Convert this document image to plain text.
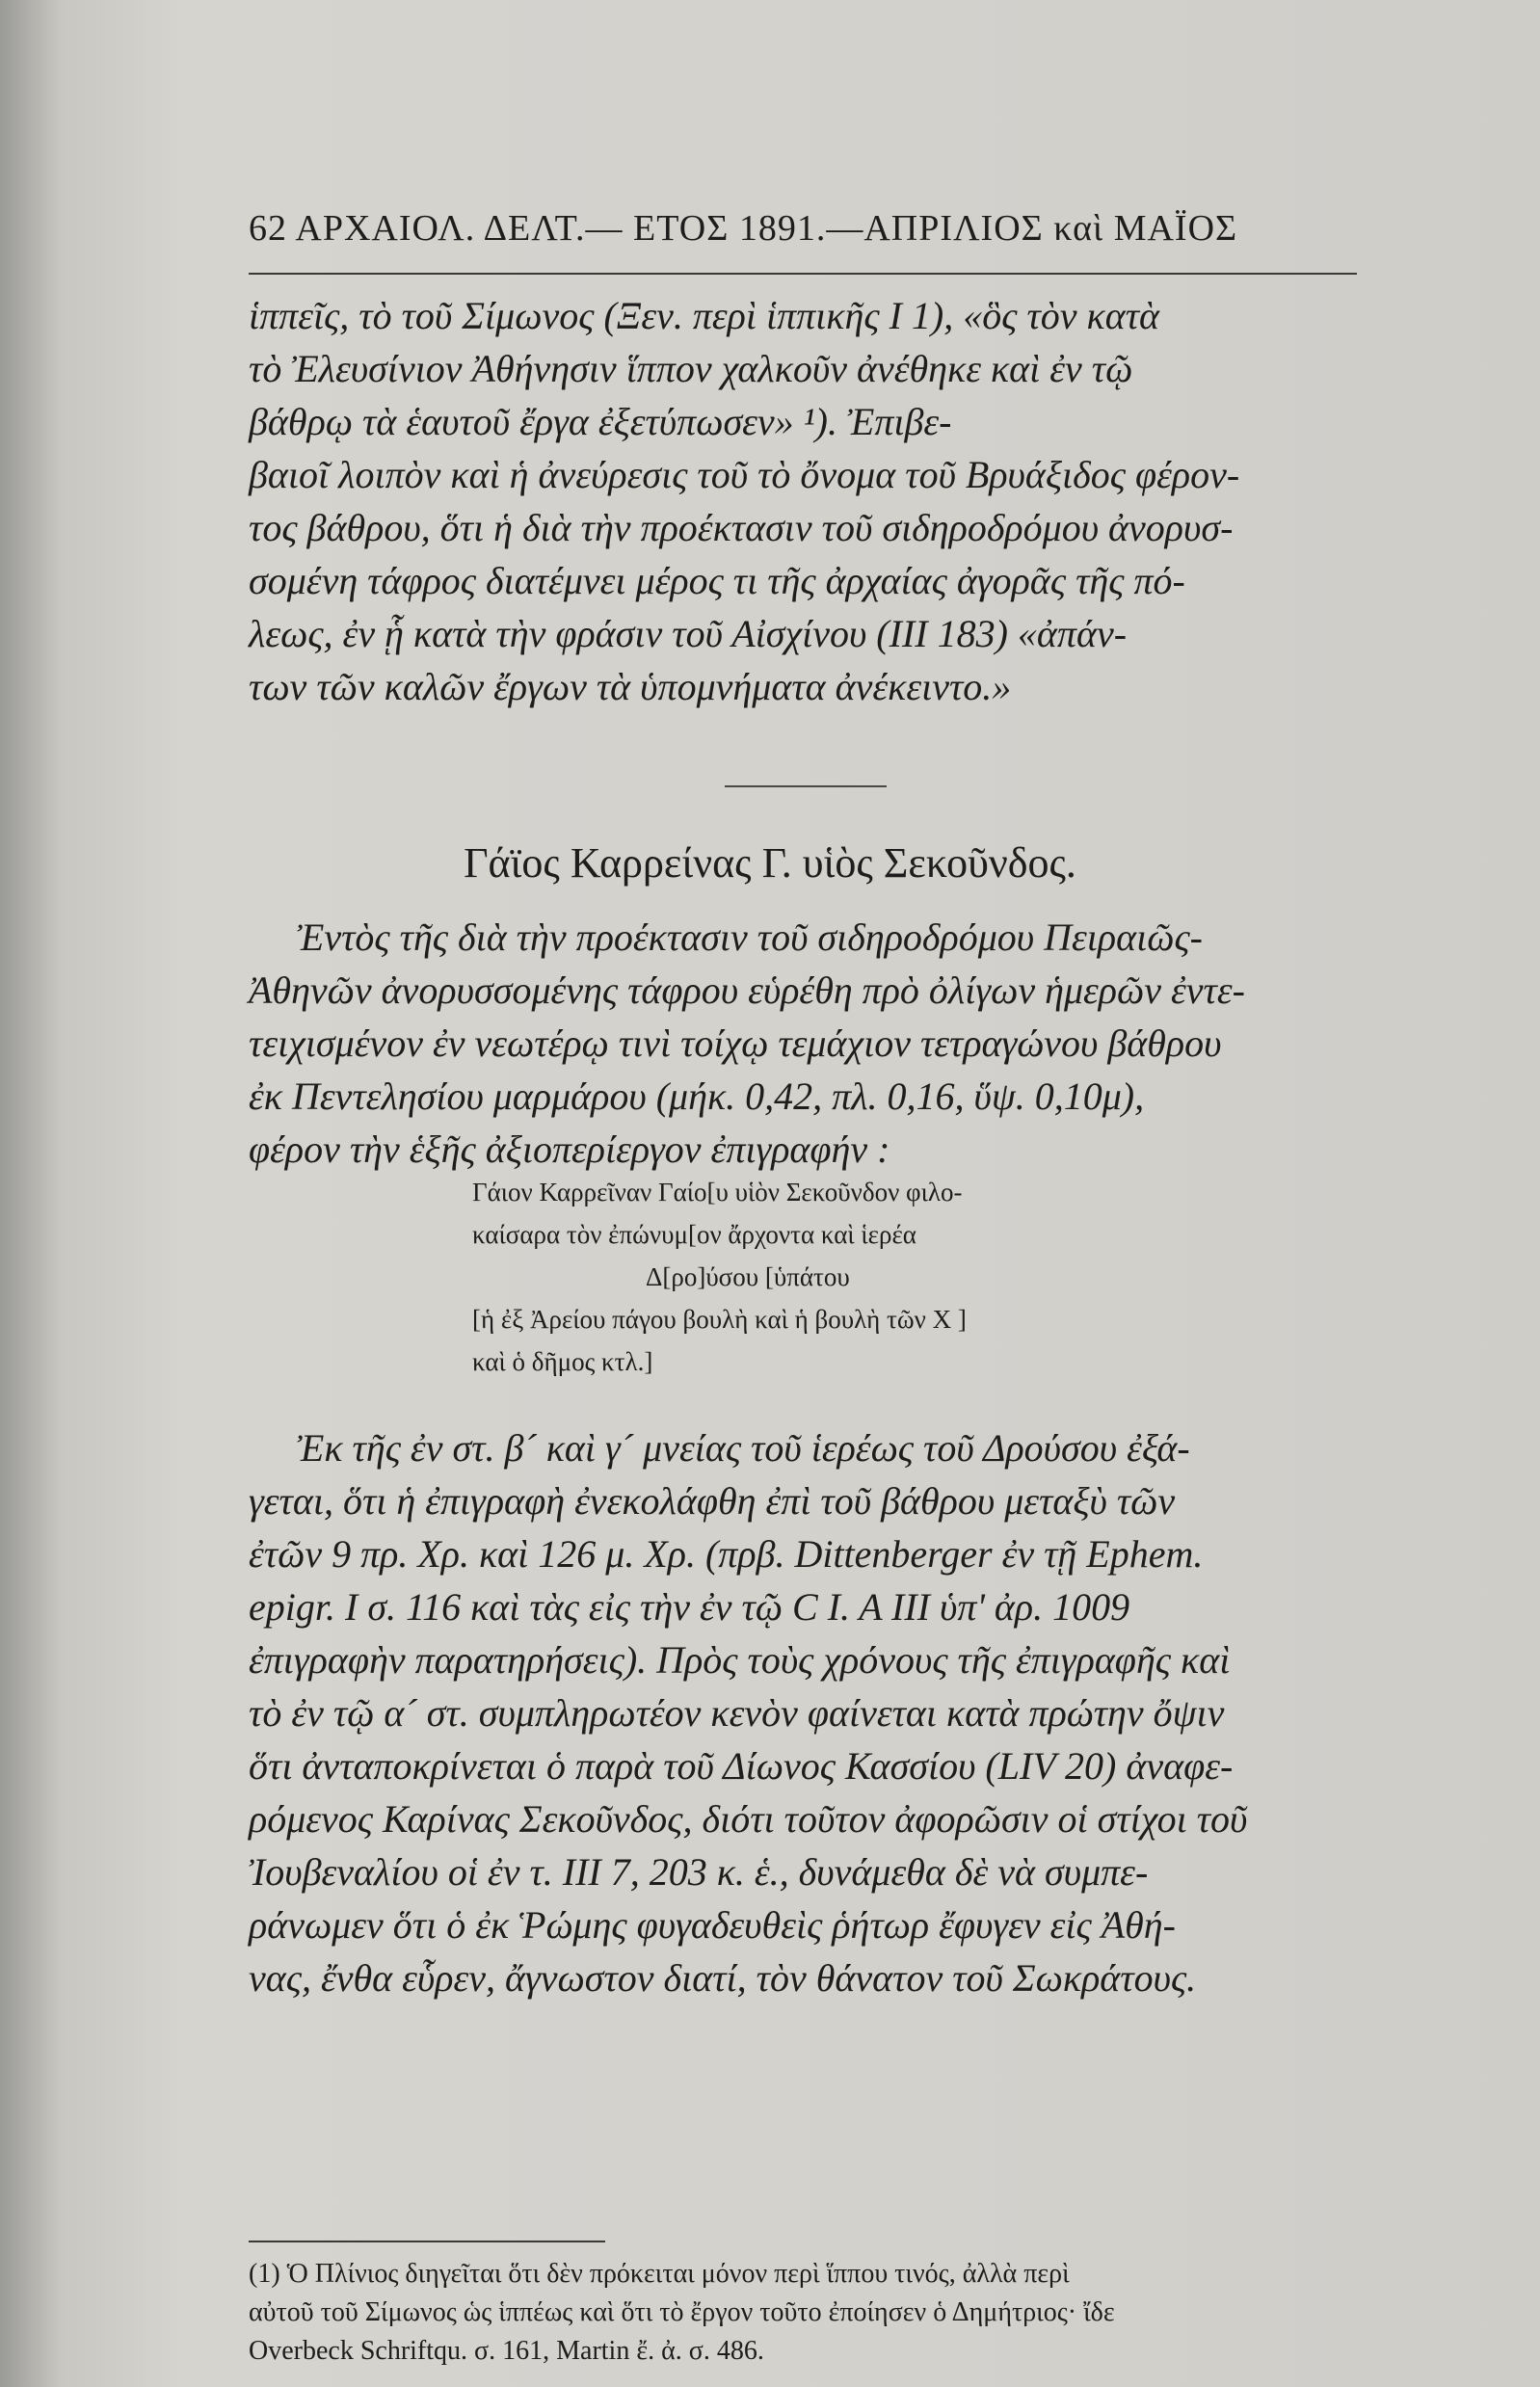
62 ΑΡΧΑΙΟΛ. ΔΕΛΤ.— ΕΤΟΣ 1891.—ΑΠΡΙΛΙΟΣ καὶ ΜΑΪΟΣ
ἱππεῖς, τὸ τοῦ Σίμωνος (Ξεν. περὶ ἱππικῆς I 1), «ὃς τὸν κατὰ
τὸ Ἐλευσίνιον Ἀθήνησιν ἵππον χαλκοῦν ἀνέθηκε καὶ ἐν τῷ
βάθρῳ τὰ ἑαυτοῦ ἔργα ἐξετύπωσεν» ¹). Ἐπιβε-
βαιοῖ λοιπὸν καὶ ἡ ἀνεύρεσις τοῦ τὸ ὄνομα τοῦ Βρυάξιδος φέρον-
τος βάθρου, ὅτι ἡ διὰ τὴν προέκτασιν τοῦ σιδηροδρόμου ἀνορυσ-
σομένη τάφρος διατέμνει μέρος τι τῆς ἀρχαίας ἀγορᾶς τῆς πό-
λεως, ἐν ᾗ κατὰ τὴν φράσιν τοῦ Αἰσχίνου (III 183) «ἀπάν-
των τῶν καλῶν ἔργων τὰ ὑπομνήματα ἀνέκειντο.»
Γάϊος Καρρείνας Γ. υἱὸς Σεκοῦνδος.
Ἐντὸς τῆς διὰ τὴν προέκτασιν τοῦ σιδηροδρόμου Πειραιῶς-
Ἀθηνῶν ἀνορυσσομένης τάφρου εὑρέθη πρὸ ὀλίγων ἡμερῶν ἐντε-
τειχισμένον ἐν νεωτέρῳ τινὶ τοίχῳ τεμάχιον τετραγώνου βάθρου
ἐκ Πεντελησίου μαρμάρου (μήκ. 0,42, πλ. 0,16, ὕψ. 0,10μ),
φέρον τὴν ἑξῆς ἀξιοπερίεργον ἐπιγραφήν :
Γάιον Καρρεῖναν Γαίο[υ υἱὸν Σεκοῦνδον φιλο-
καίσαρα τὸν ἐπώνυμ[ον ἄρχοντα καὶ ἱερέα
Δ[ρο]ύσου [ὑπάτου
[ἡ ἐξ Ἀρείου πάγου βουλὴ καὶ ἡ βουλὴ τῶν X ]
καὶ ὁ δῆμος κτλ.]
Ἐκ τῆς ἐν στ. β´ καὶ γ´ μνείας τοῦ ἱερέως τοῦ Δρούσου ἐξά-
γεται, ὅτι ἡ ἐπιγραφὴ ἐνεκολάφθη ἐπὶ τοῦ βάθρου μεταξὺ τῶν
ἐτῶν 9 πρ. Χρ. καὶ 126 μ. Χρ. (πρβ. Dittenberger ἐν τῇ Ephem.
epigr. I σ. 116 καὶ τὰς εἰς τὴν ἐν τῷ C I. A III ὑπ' ἀρ. 1009
ἐπιγραφὴν παρατηρήσεις). Πρὸς τοὺς χρόνους τῆς ἐπιγραφῆς καὶ
τὸ ἐν τῷ α´ στ. συμπληρωτέον κενὸν φαίνεται κατὰ πρώτην ὄψιν
ὅτι ἀνταποκρίνεται ὁ παρὰ τοῦ Δίωνος Κασσίου (LIV 20) ἀναφε-
ρόμενος Καρίνας Σεκοῦνδος, διότι τοῦτον ἀφορῶσιν οἱ στίχοι τοῦ
Ἰουβεναλίου οἱ ἐν τ. III 7, 203 κ. ἑ., δυνάμεθα δὲ νὰ συμπε-
ράνωμεν ὅτι ὁ ἐκ Ῥώμης φυγαδευθεὶς ῥήτωρ ἔφυγεν εἰς Ἀθή-
νας, ἔνθα εὗρεν, ἄγνωστον διατί, τὸν θάνατον τοῦ Σωκράτους.
(1) Ὁ Πλίνιος διηγεῖται ὅτι δὲν πρόκειται μόνον περὶ ἵππου τινός, ἀλλὰ περὶ
αὐτοῦ τοῦ Σίμωνος ὡς ἱππέως καὶ ὅτι τὸ ἔργον τοῦτο ἐποίησεν ὁ Δημήτριος· ἴδε
Overbeck Schriftqu. σ. 161, Martin ἔ. ἀ. σ. 486.
